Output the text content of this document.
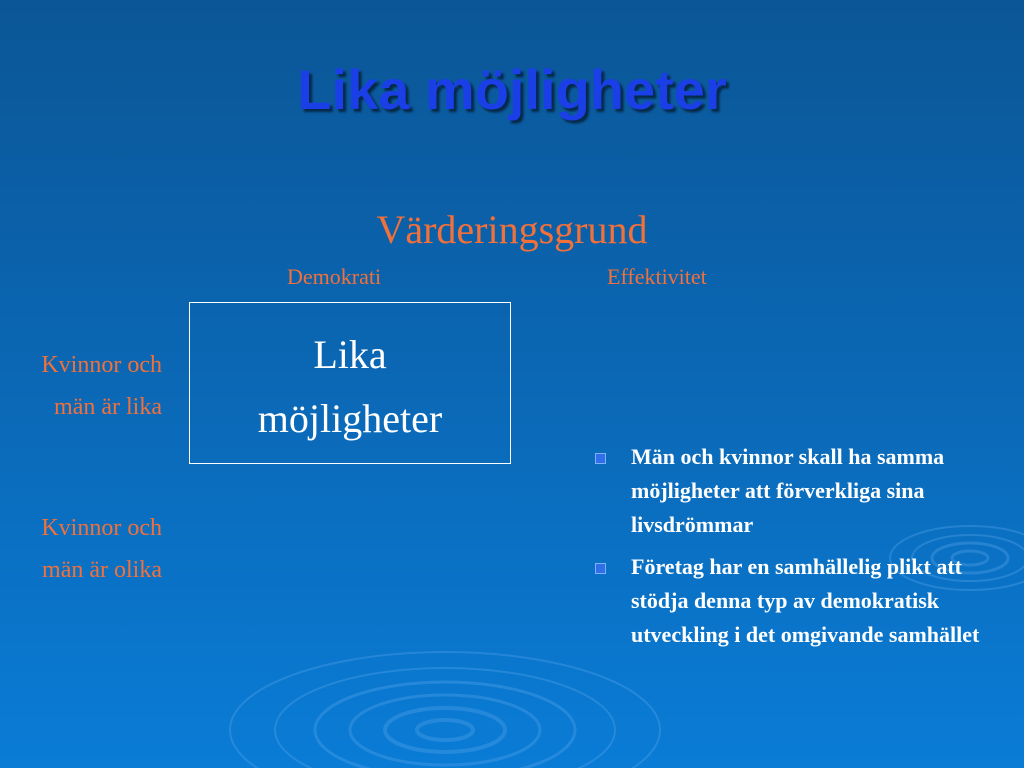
Lika möjligheter
Värderingsgrund
Demokrati	Effektivitet
Lika
möjligheter
Kvinnor och
män är lika
Kvinnor och
män är olika
Män och kvinnor skall ha samma möjligheter att förverkliga sina livsdrömmar
Företag har en samhällelig plikt att stödja denna typ av demokratisk utveckling i det omgivande samhället
